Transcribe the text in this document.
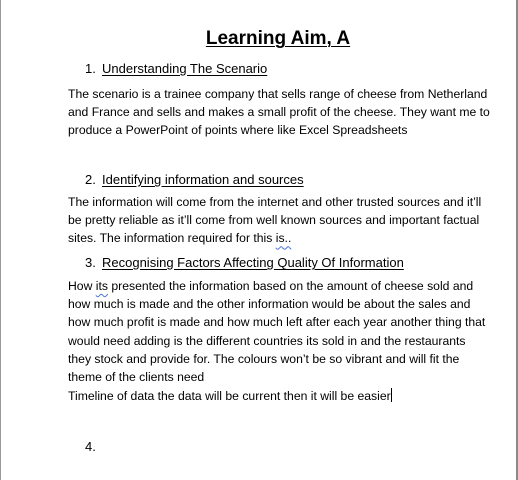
Learning Aim, A
1. Understanding The Scenario
The scenario is a trainee company that sells range of cheese from Netherland and France and sells and makes a small profit of the cheese. They want me to produce a PowerPoint of points where like Excel Spreadsheets
2. Identifying information and sources
The information will come from the internet and other trusted sources and it’ll be pretty reliable as it’ll come from well known sources and important factual sites. The information required for this is..
3. Recognising Factors Affecting Quality Of Information
How its presented the information based on the amount of cheese sold and how much is made and the other information would be about the sales and how much profit is made and how much left after each year another thing that would need adding is the different countries its sold in and the restaurants they stock and provide for. The colours won’t be so vibrant and will fit the theme of the clients need
Timeline of data the data will be current then it will be easier
4.
